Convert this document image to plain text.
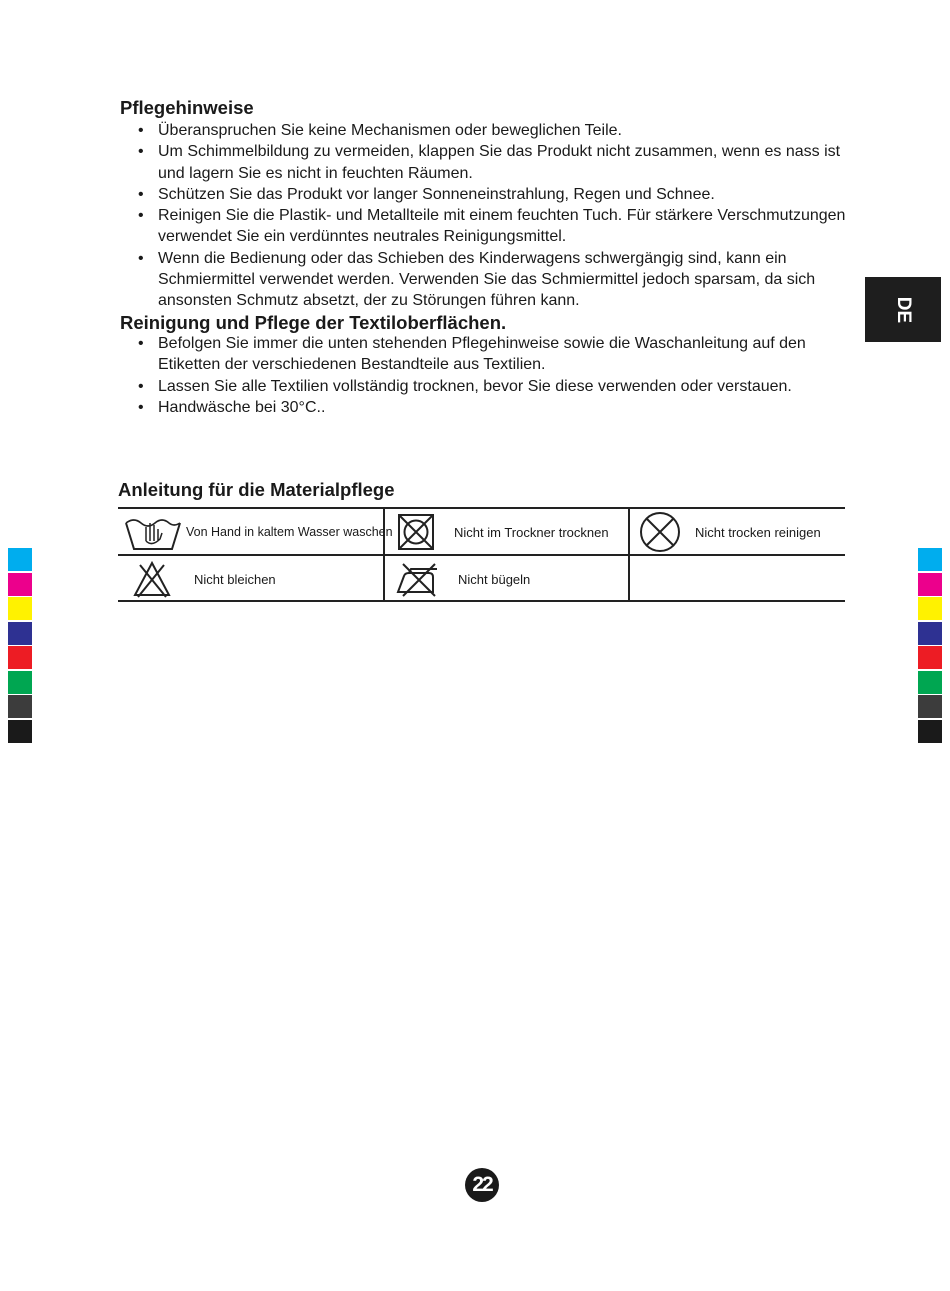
Pflegehinweise
• Überanspruchen Sie keine Mechanismen oder beweglichen Teile.
• Um Schimmelbildung zu vermeiden, klappen Sie das Produkt nicht zusammen, wenn es nass ist und lagern Sie es nicht in feuchten Räumen.
• Schützen Sie das Produkt vor langer Sonneneinstrahlung, Regen und Schnee.
• Reinigen Sie die Plastik- und Metallteile mit einem feuchten Tuch. Für stärkere Verschmutzungen verwendet Sie ein verdünntes neutrales Reinigungsmittel.
• Wenn die Bedienung oder das Schieben des Kinderwagens schwergängig sind, kann ein Schmiermittel verwendet werden. Verwenden Sie das Schmiermittel jedoch sparsam, da sich ansonsten Schmutz absetzt, der zu Störungen führen kann.
Reinigung und Pflege der Textiloberflächen.
• Befolgen Sie immer die unten stehenden Pflegehinweise sowie die Waschanleitung auf den Etiketten der verschiedenen Bestandteile aus Textilien.
• Lassen Sie alle Textilien vollständig trocknen, bevor Sie diese verwenden oder verstauen.
• Handwäsche bei 30°C..
Anleitung für die Materialpflege
Von Hand in kaltem Wasser waschen	Nicht im Trockner trocknen	Nicht trocken reinigen
Nicht bleichen	Nicht bügeln
DE
22
